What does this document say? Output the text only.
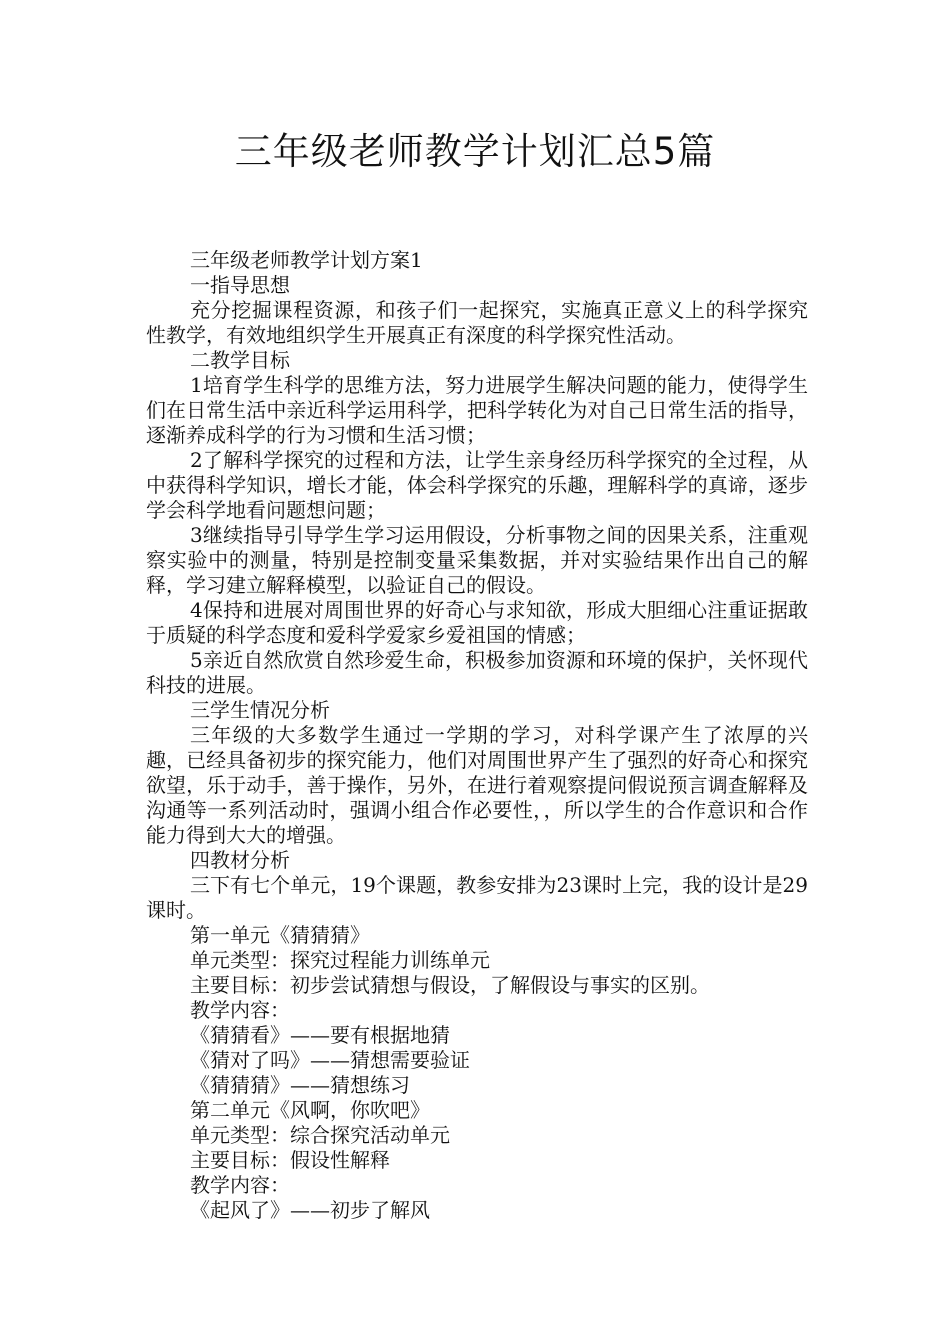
三年级老师教学计划汇总5篇

三年级老师教学计划方案1

一指导思想

充分挖掘课程资源，和孩子们一起探究，实施真正意义上的科学探究性教学，有效地组织学生开展真正有深度的科学探究性活动。

二教学目标

1培育学生科学的思维方法，努力进展学生解决问题的能力，使得学生们在日常生活中亲近科学运用科学，把科学转化为对自己日常生活的指导，逐渐养成科学的行为习惯和生活习惯；

2了解科学探究的过程和方法，让学生亲身经历科学探究的全过程，从中获得科学知识，增长才能，体会科学探究的乐趣，理解科学的真谛，逐步学会科学地看问题想问题；

3继续指导引导学生学习运用假设，分析事物之间的因果关系，注重观察实验中的测量，特别是控制变量采集数据，并对实验结果作出自己的解释，学习建立解释模型，以验证自己的假设。

4保持和进展对周围世界的好奇心与求知欲，形成大胆细心注重证据敢于质疑的科学态度和爱科学爱家乡爱祖国的情感；

5亲近自然欣赏自然珍爱生命，积极参加资源和环境的保护，关怀现代科技的进展。

三学生情况分析

三年级的大多数学生通过一学期的学习，对科学课产生了浓厚的兴趣，已经具备初步的探究能力，他们对周围世界产生了强烈的好奇心和探究欲望，乐于动手，善于操作，另外，在进行着观察提问假说预言调查解释及沟通等一系列活动时，强调小组合作必要性，，所以学生的合作意识和合作能力得到大大的增强。

四教材分析

三下有七个单元，19个课题，教参安排为23课时上完，我的设计是29课时。

第一单元《猜猜猜》

单元类型：探究过程能力训练单元

主要目标：初步尝试猜想与假设，了解假设与事实的区别。

教学内容：

《猜猜看》——要有根据地猜

《猜对了吗》——猜想需要验证

《猜猜猜》——猜想练习

第二单元《风啊，你吹吧》

单元类型：综合探究活动单元

主要目标：假设性解释

教学内容：

《起风了》——初步了解风
